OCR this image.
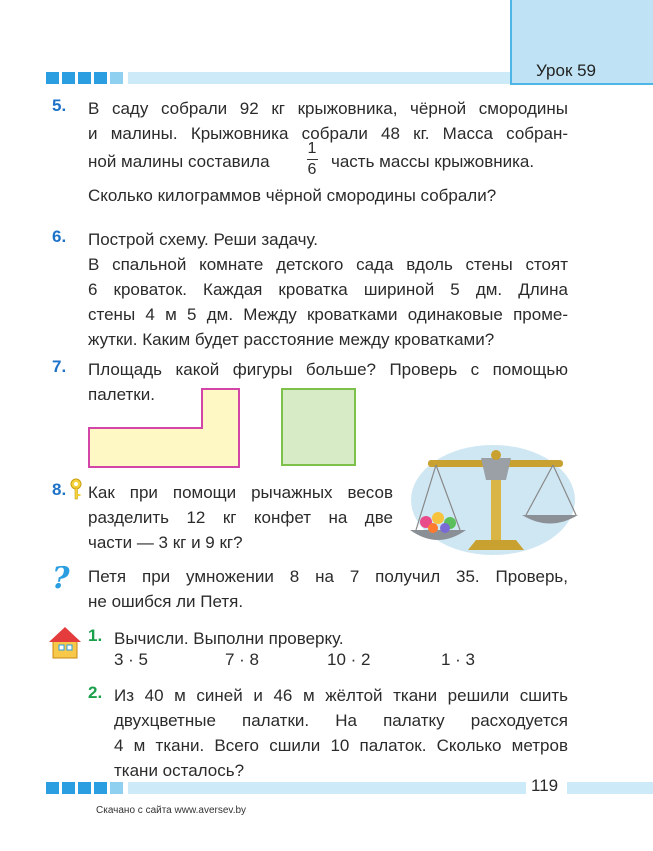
Урок 59
5. В саду собрали 92 кг крыжовника, чёрной смородины
и малины. Крыжовника собрали 48 кг. Масса собран-
ной малины составила
1
6 часть массы крыжовника.
Сколько килограммов чёрной смородины собрали?
6. Построй схему. Реши задачу.
В спальной комнате детского сада вдоль стены стоят
6 кроваток. Каждая кроватка шириной 5 дм. Длина
стены 4 м 5 дм. Между кроватками одинаковые проме-
жутки. Каким будет расстояние между кроватками?
7. Площадь какой фигуры больше? Проверь с помощью
палетки.
8. Как при помощи рычажных весов
разделить 12 кг конфет на две
части — 3 кг и 9 кг?
? Петя при умножении 8 на 7 получил 35. Проверь,
не ошибся ли Петя.
1. Вычисли. Выполни проверку.
3 · 5	7 · 8	10 · 2	1 · 3
2. Из 40 м синей и 46 м жёлтой ткани решили сшить
двухцветные палатки. На палатку расходуется
4 м ткани. Всего сшили 10 палаток. Сколько метров
ткани осталось?
119
Скачано с сайта www.aversev.by
